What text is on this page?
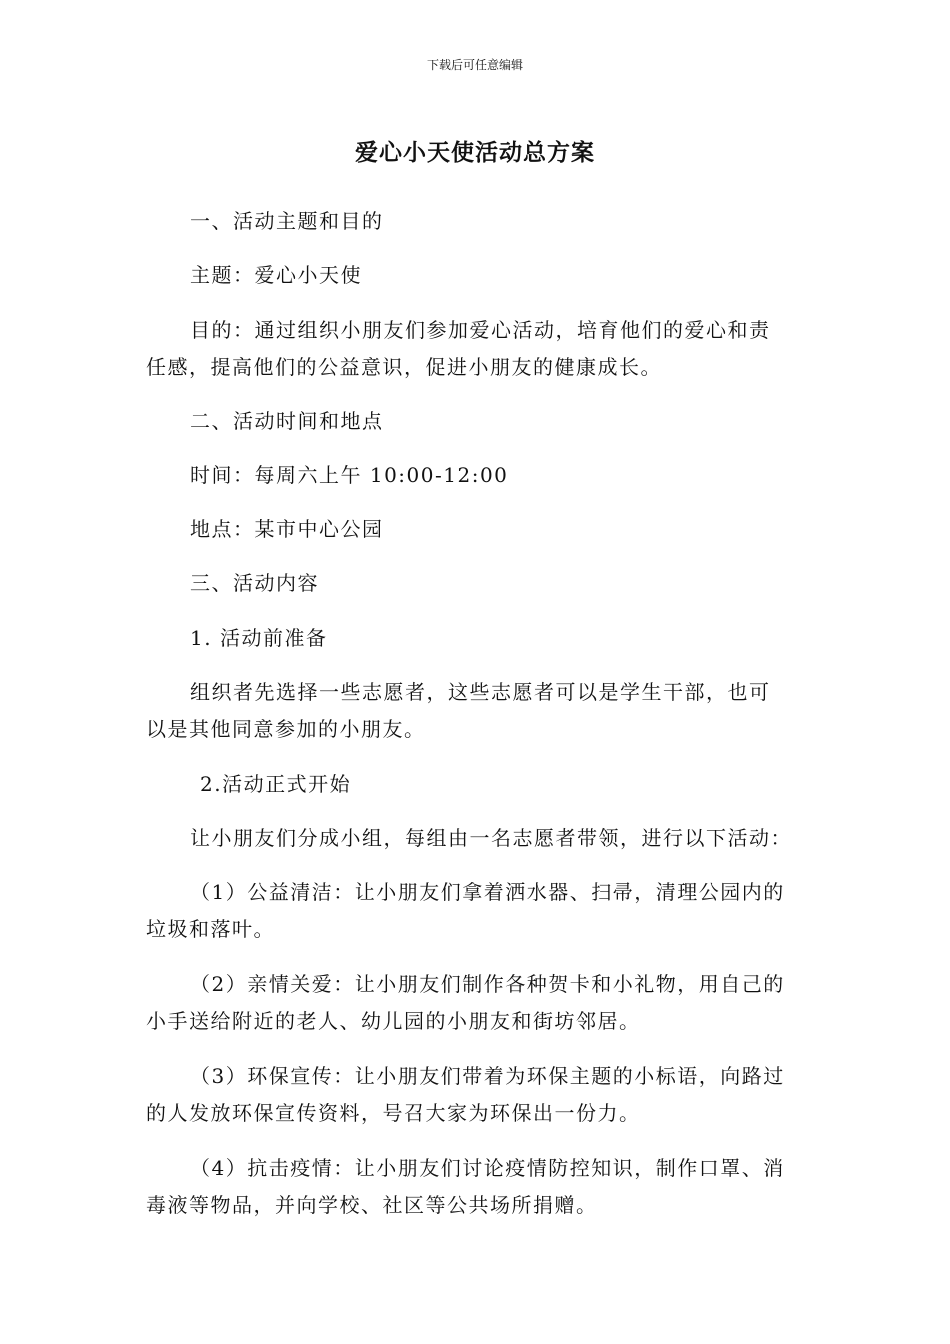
下载后可任意编辑
爱心小天使活动总方案
一、活动主题和目的
主题：爱心小天使
目的：通过组织小朋友们参加爱心活动，培育他们的爱心和责
任感，提高他们的公益意识，促进小朋友的健康成长。
二、活动时间和地点
时间：每周六上午 10:00-12:00
地点：某市中心公园
三、活动内容
1. 活动前准备
组织者先选择一些志愿者，这些志愿者可以是学生干部，也可
以是其他同意参加的小朋友。
2.活动正式开始
让小朋友们分成小组，每组由一名志愿者带领，进行以下活动：
（1）公益清洁：让小朋友们拿着洒水器、扫帚，清理公园内的
垃圾和落叶。
（2）亲情关爱：让小朋友们制作各种贺卡和小礼物，用自己的
小手送给附近的老人、幼儿园的小朋友和街坊邻居。
（3）环保宣传：让小朋友们带着为环保主题的小标语，向路过
的人发放环保宣传资料，号召大家为环保出一份力。
（4）抗击疫情：让小朋友们讨论疫情防控知识，制作口罩、消
毒液等物品，并向学校、社区等公共场所捐赠。
